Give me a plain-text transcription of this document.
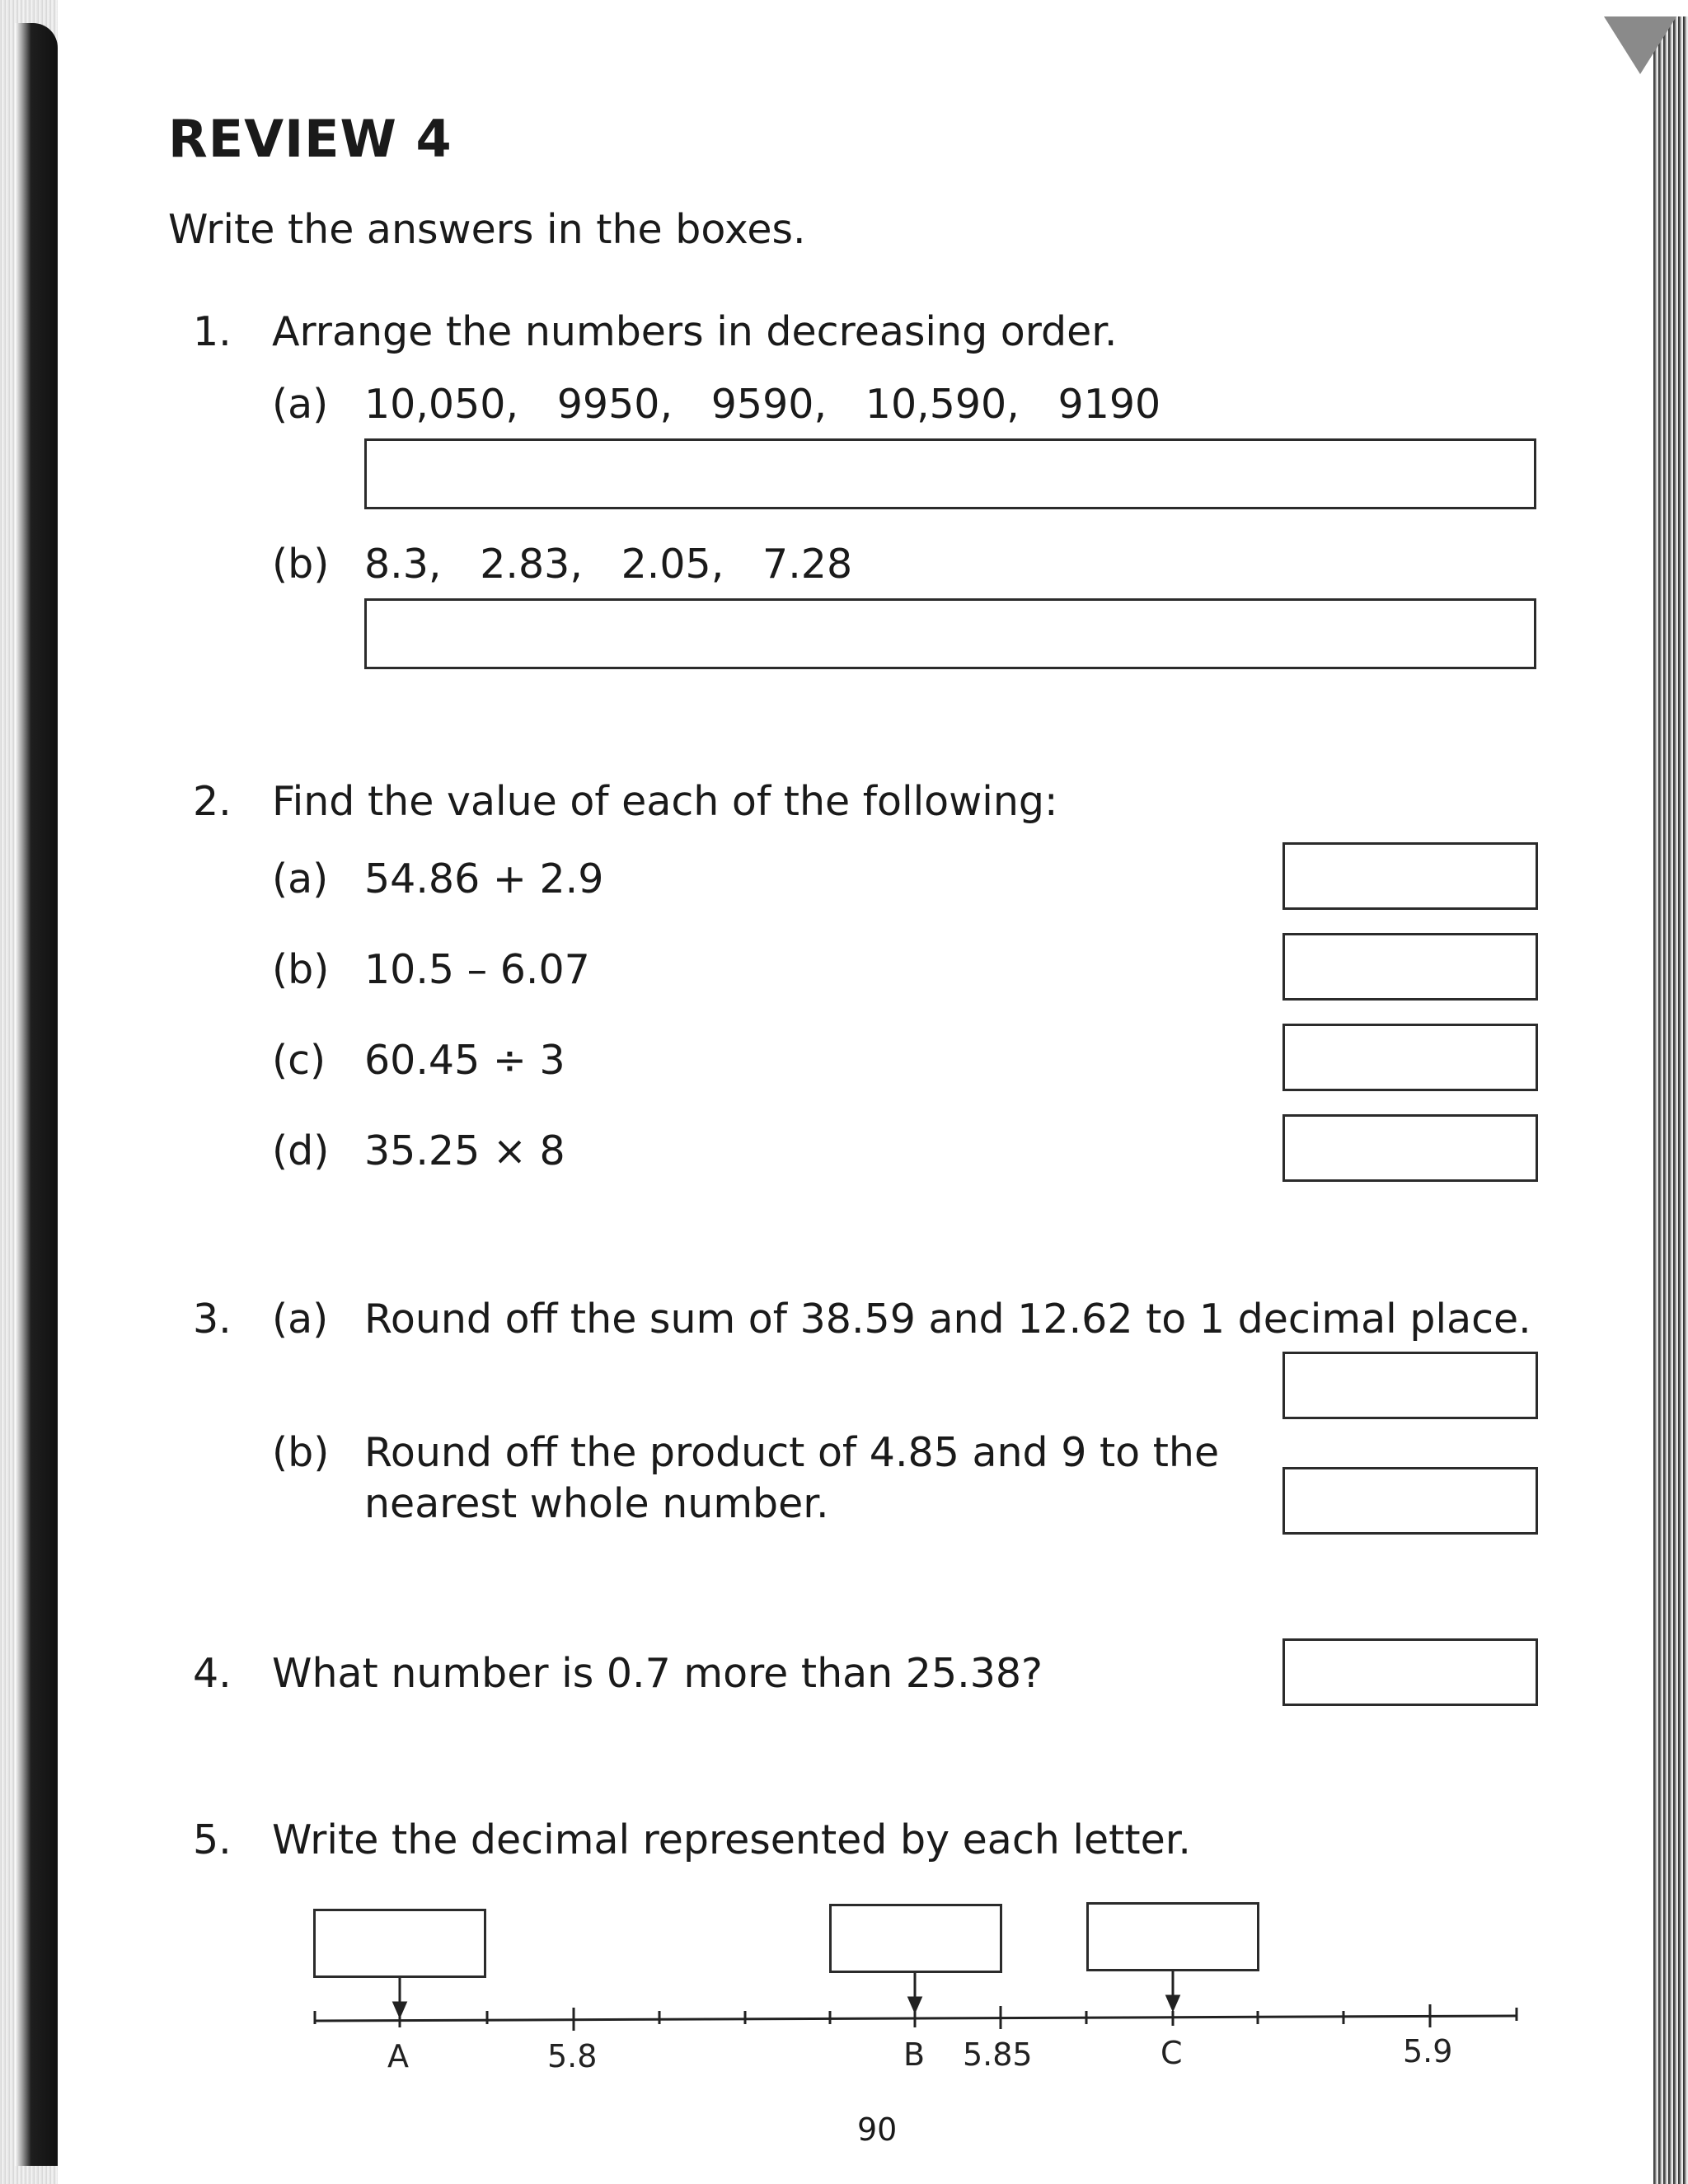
REVIEW 4
Write the answers in the boxes.
1. Arrange the numbers in decreasing order.
(a) 10,050,   9950,   9590,   10,590,   9190
(b) 8.3,   2.83,   2.05,   7.28
2. Find the value of each of the following:
(a) 54.86 + 2.9
(b) 10.5 – 6.07
(c) 60.45 ÷ 3
(d) 35.25 × 8
3. (a) Round off the sum of 38.59 and 12.62 to 1 decimal place.
(b) Round off the product of 4.85 and 9 to the
nearest whole number.
4. What number is 0.7 more than 25.38?
5. Write the decimal represented by each letter.
A	5.8	B 5.85	C	5.9
90
